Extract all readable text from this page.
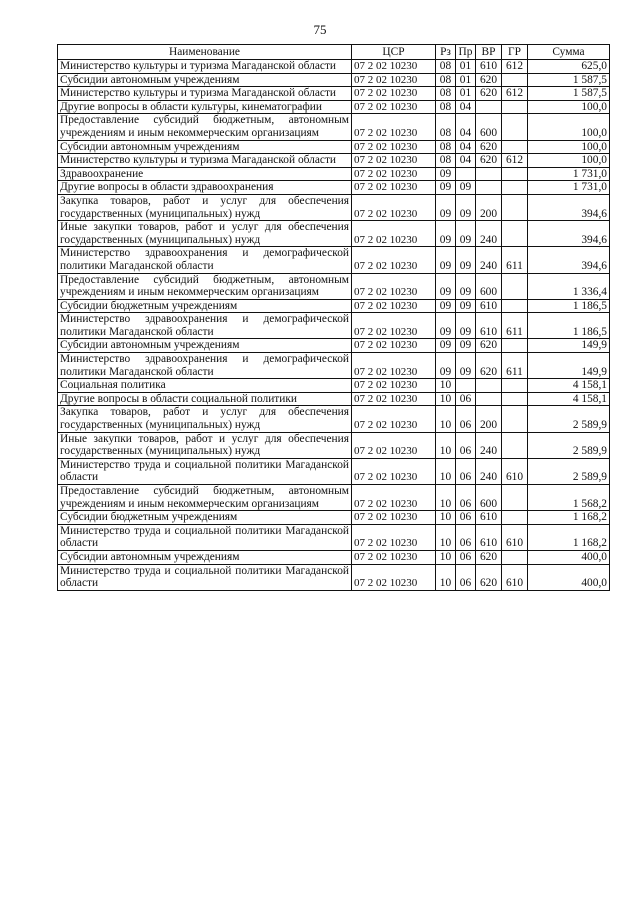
75
Наименование	ЦСР	Рз	Пр	ВР	ГР	Сумма
Министерство культуры и туризма Магаданской области	07 2 02 10230	08	01	610	612	625,0
Субсидии автономным учреждениям	07 2 02 10230	08	01	620		1 587,5
Министерство культуры и туризма Магаданской области	07 2 02 10230	08	01	620	612	1 587,5
Другие вопросы в области культуры, кинематографии	07 2 02 10230	08	04			100,0
Предоставление субсидий бюджетным, автономным учреждениям и иным некоммерческим организациям	07 2 02 10230	08	04	600		100,0
Субсидии автономным учреждениям	07 2 02 10230	08	04	620		100,0
Министерство культуры и туризма Магаданской области	07 2 02 10230	08	04	620	612	100,0
Здравоохранение	07 2 02 10230	09				1 731,0
Другие вопросы в области здравоохранения	07 2 02 10230	09	09			1 731,0
Закупка товаров, работ и услуг для обеспечения государственных (муниципальных) нужд	07 2 02 10230	09	09	200		394,6
Иные закупки товаров, работ и услуг для обеспечения государственных (муниципальных) нужд	07 2 02 10230	09	09	240		394,6
Министерство здравоохранения и демографической политики Магаданской области	07 2 02 10230	09	09	240	611	394,6
Предоставление субсидий бюджетным, автономным учреждениям и иным некоммерческим организациям	07 2 02 10230	09	09	600		1 336,4
Субсидии бюджетным учреждениям	07 2 02 10230	09	09	610		1 186,5
Министерство здравоохранения и демографической политики Магаданской области	07 2 02 10230	09	09	610	611	1 186,5
Субсидии автономным учреждениям	07 2 02 10230	09	09	620		149,9
Министерство здравоохранения и демографической политики Магаданской области	07 2 02 10230	09	09	620	611	149,9
Социальная политика	07 2 02 10230	10				4 158,1
Другие вопросы в области социальной политики	07 2 02 10230	10	06			4 158,1
Закупка товаров, работ и услуг для обеспечения государственных (муниципальных) нужд	07 2 02 10230	10	06	200		2 589,9
Иные закупки товаров, работ и услуг для обеспечения государственных (муниципальных) нужд	07 2 02 10230	10	06	240		2 589,9
Министерство труда и социальной политики Магаданской области	07 2 02 10230	10	06	240	610	2 589,9
Предоставление субсидий бюджетным, автономным учреждениям и иным некоммерческим организациям	07 2 02 10230	10	06	600		1 568,2
Субсидии бюджетным учреждениям	07 2 02 10230	10	06	610		1 168,2
Министерство труда и социальной политики Магаданской области	07 2 02 10230	10	06	610	610	1 168,2
Субсидии автономным учреждениям	07 2 02 10230	10	06	620		400,0
Министерство труда и социальной политики Магаданской области	07 2 02 10230	10	06	620	610	400,0
